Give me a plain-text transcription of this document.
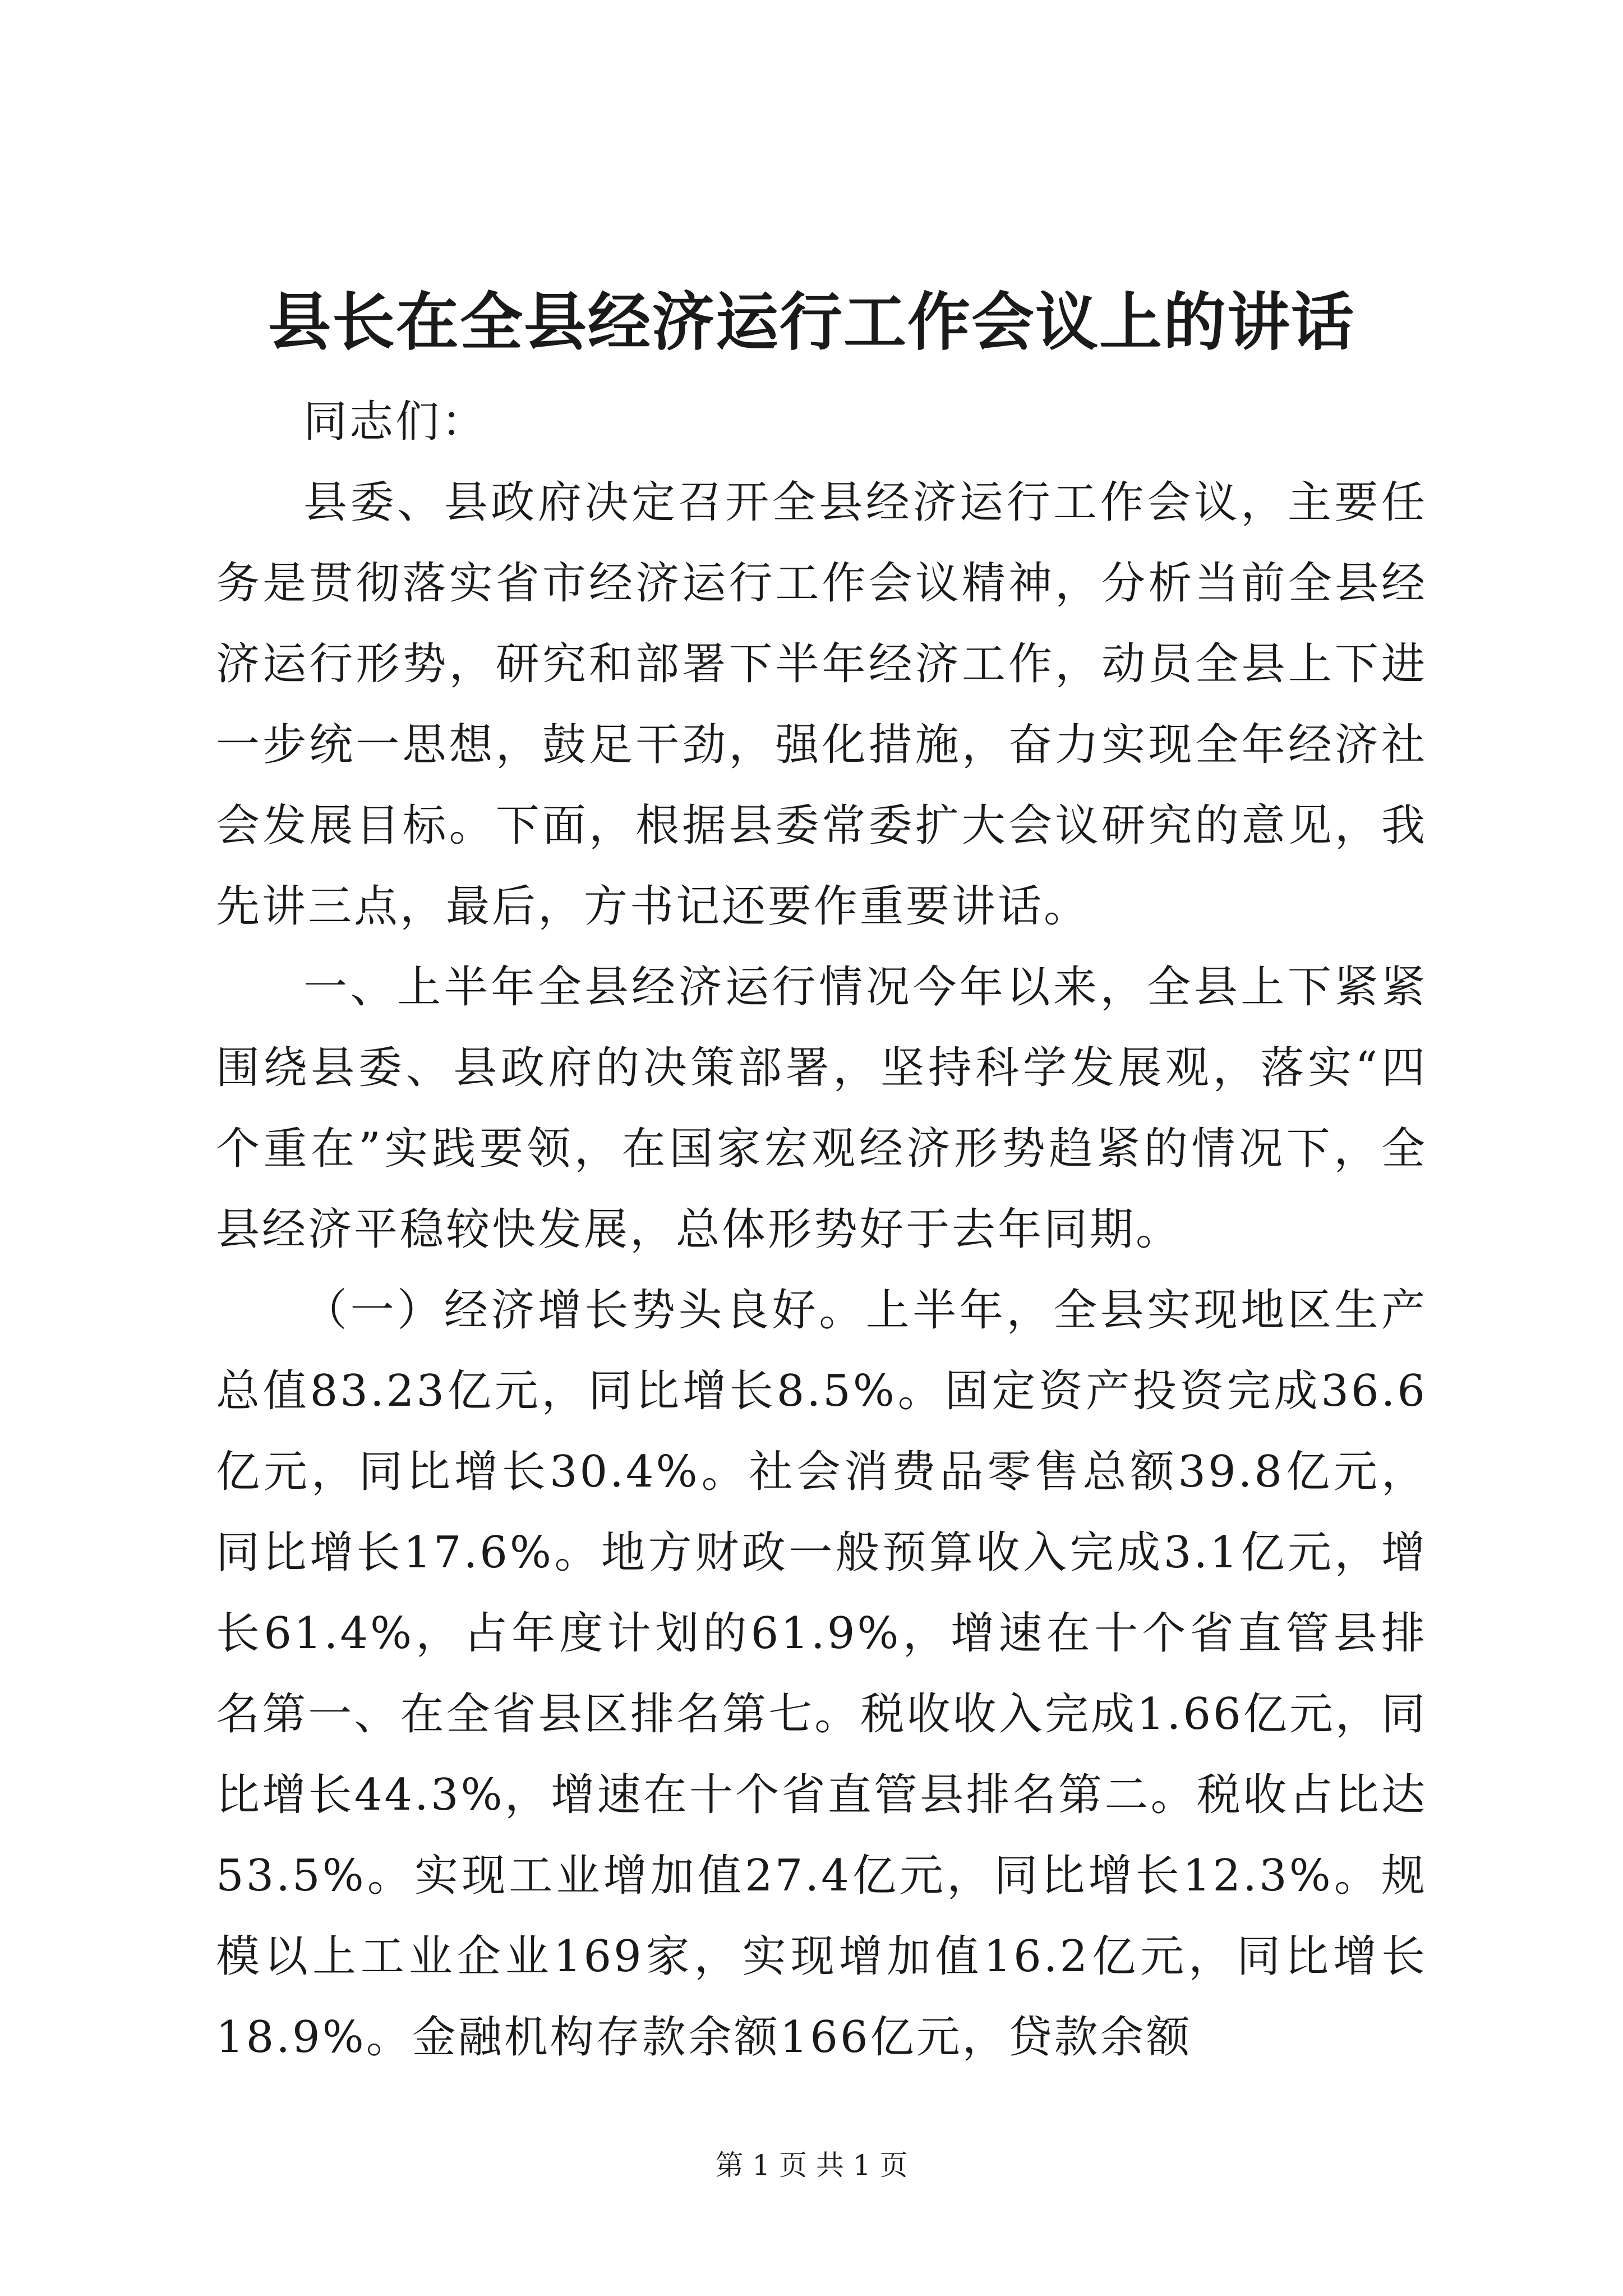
县长在全县经济运行工作会议上的讲话

同志们：

县委、县政府决定召开全县经济运行工作会议，主要任务是贯彻落实省市经济运行工作会议精神，分析当前全县经济运行形势，研究和部署下半年经济工作，动员全县上下进一步统一思想，鼓足干劲，强化措施，奋力实现全年经济社会发展目标。下面，根据县委常委扩大会议研究的意见，我先讲三点，最后，方书记还要作重要讲话。

一、上半年全县经济运行情况今年以来，全县上下紧紧围绕县委、县政府的决策部署，坚持科学发展观，落实“四个重在”实践要领，在国家宏观经济形势趋紧的情况下，全县经济平稳较快发展，总体形势好于去年同期。

（一）经济增长势头良好。上半年，全县实现地区生产总值83.23亿元，同比增长8.5%。固定资产投资完成36.6亿元，同比增长30.4%。社会消费品零售总额39.8亿元，同比增长17.6%。地方财政一般预算收入完成3.1亿元，增长61.4%，占年度计划的61.9%，增速在十个省直管县排名第一、在全省县区排名第七。税收收入完成1.66亿元，同比增长44.3%，增速在十个省直管县排名第二。税收占比达53.5%。实现工业增加值27.4亿元，同比增长12.3%。规模以上工业企业169家，实现增加值16.2亿元，同比增长18.9%。金融机构存款余额166亿元，贷款余额

第 1 页 共 1 页
